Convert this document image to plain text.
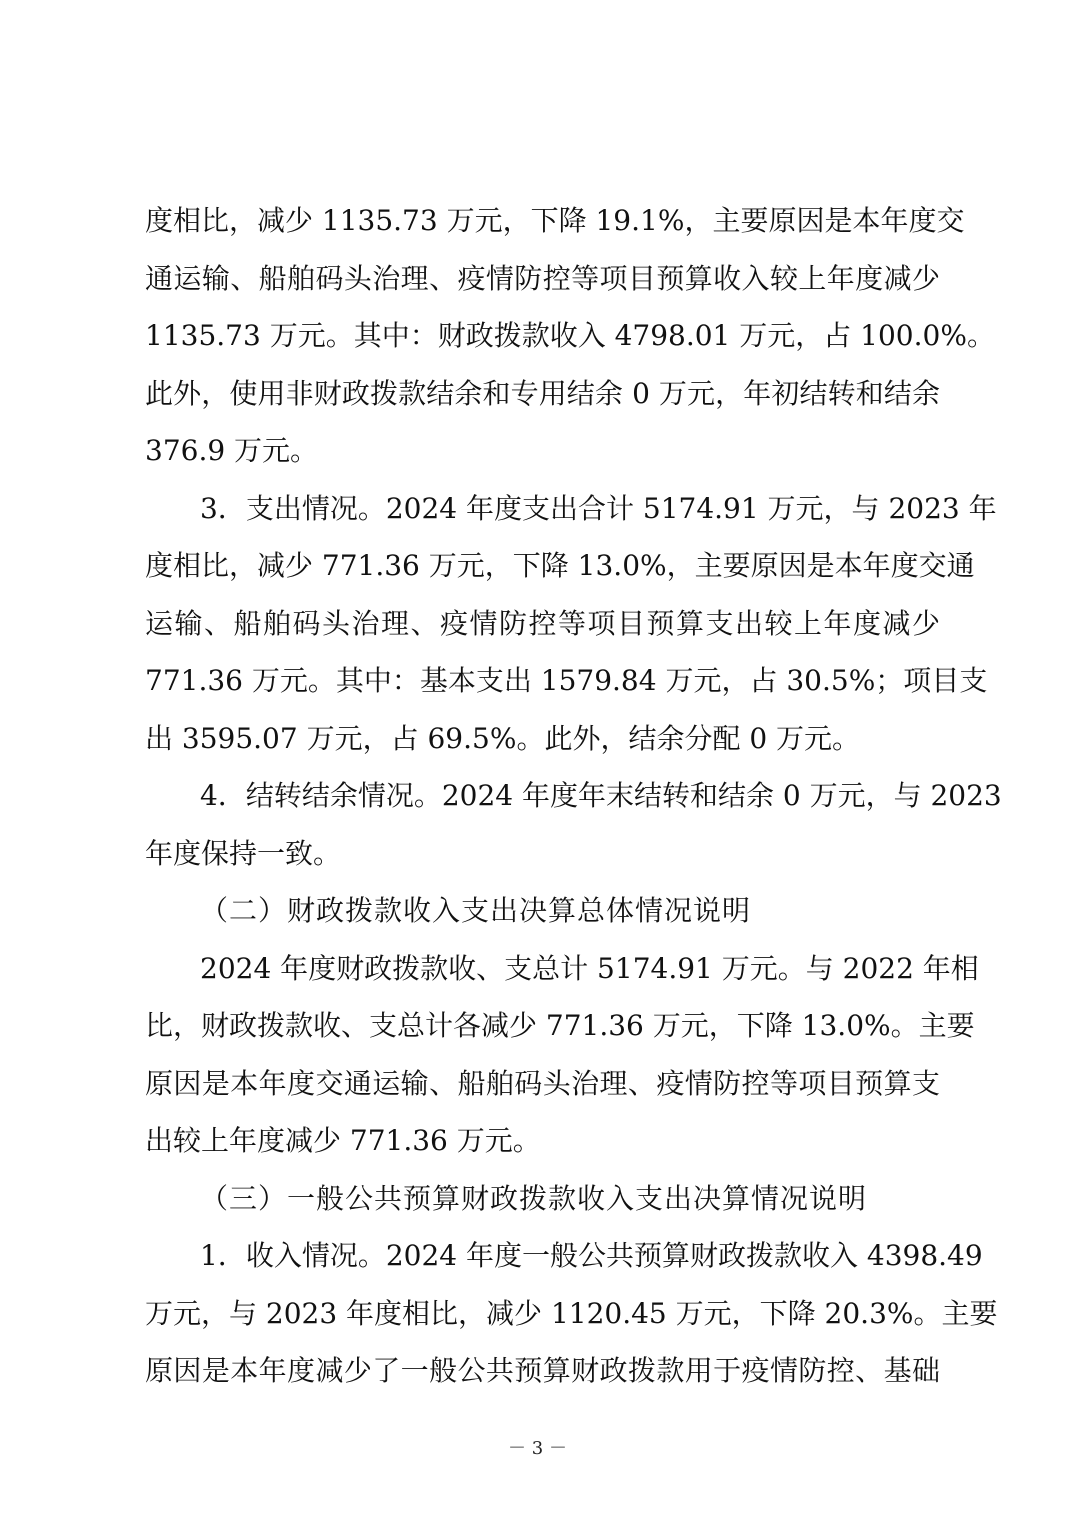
度相比，减少 1135.73 万元，下降 19.1%，主要原因是本年度交
通运输、船舶码头治理、疫情防控等项目预算收入较上年度减少
1135.73 万元。其中：财政拨款收入 4798.01 万元，占 100.0%。
此外，使用非财政拨款结余和专用结余 0 万元，年初结转和结余
376.9 万元。
3．支出情况。2024 年度支出合计 5174.91 万元，与 2023 年
度相比，减少 771.36 万元，下降 13.0%，主要原因是本年度交通
运输、船舶码头治理、疫情防控等项目预算支出较上年度减少
771.36 万元。其中：基本支出 1579.84 万元，占 30.5%；项目支
出 3595.07 万元，占 69.5%。此外，结余分配 0 万元。
4．结转结余情况。2024 年度年末结转和结余 0 万元，与 2023
年度保持一致。
（二）财政拨款收入支出决算总体情况说明
2024 年度财政拨款收、支总计 5174.91 万元。与 2022 年相
比，财政拨款收、支总计各减少 771.36 万元，下降 13.0%。主要
原因是本年度交通运输、船舶码头治理、疫情防控等项目预算支
出较上年度减少 771.36 万元。
（三）一般公共预算财政拨款收入支出决算情况说明
1．收入情况。2024 年度一般公共预算财政拨款收入 4398.49
万元，与 2023 年度相比，减少 1120.45 万元，下降 20.3%。主要
原因是本年度减少了一般公共预算财政拨款用于疫情防控、基础
－ 3 －
